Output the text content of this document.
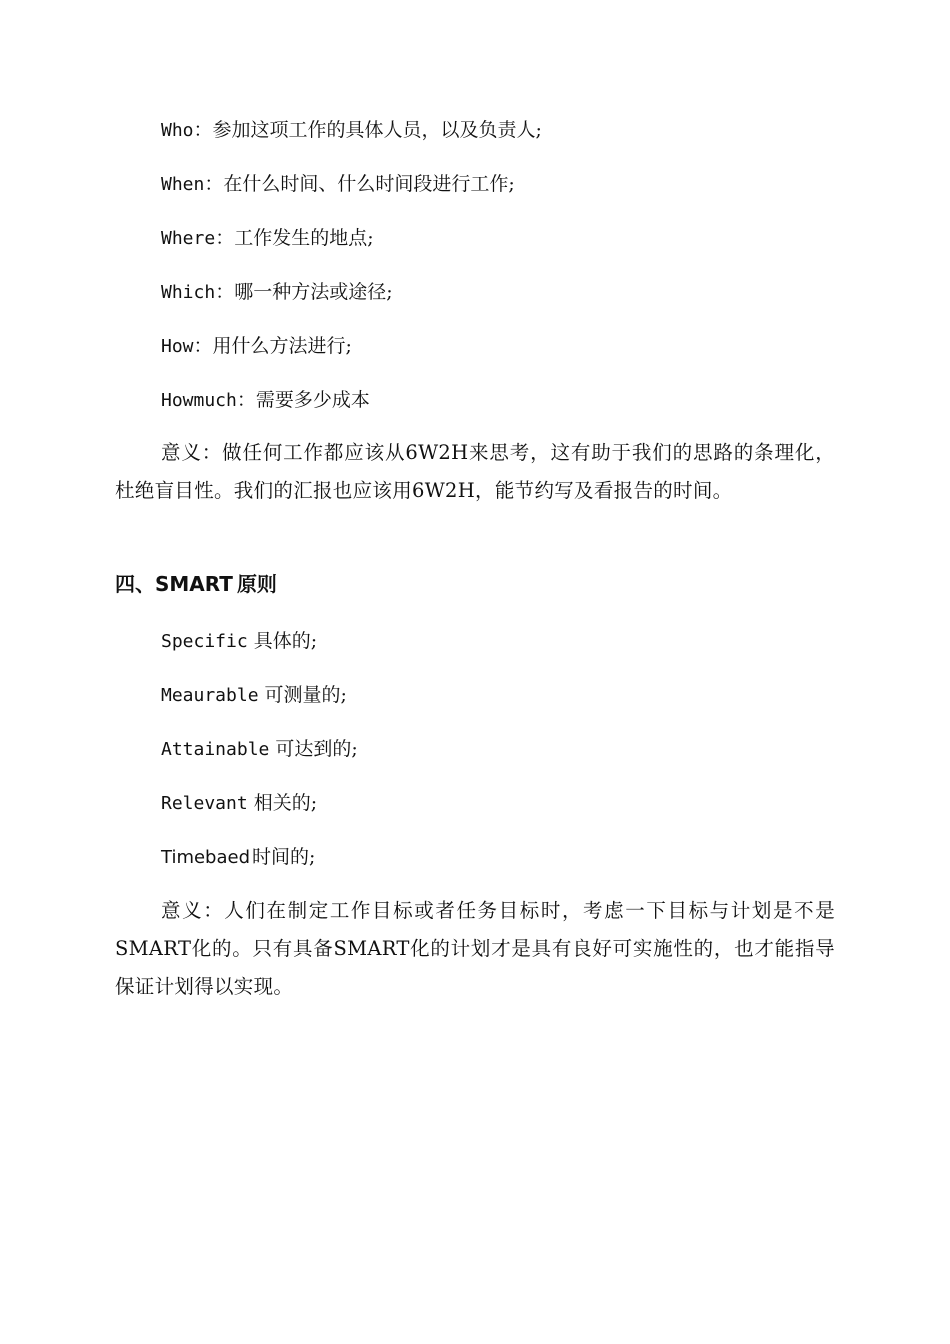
Who：参加这项工作的具体人员，以及负责人;
When：在什么时间、什么时间段进行工作;
Where：工作发生的地点;
Which：哪一种方法或途径;
How：用什么方法进行;
Howmuch：需要多少成本
意义：做任何工作都应该从6W2H来思考，这有助于我们的思路的条理化，杜绝盲目性。我们的汇报也应该用6W2H，能节约写及看报告的时间。
四、SMART 原则
Specific 具体的;
Meaurable 可测量的;
Attainable 可达到的;
Relevant 相关的;
Timebaed 时间的;
意义：人们在制定工作目标或者任务目标时，考虑一下目标与计划是不是SMART化的。只有具备SMART化的计划才是具有良好可实施性的，也才能指导保证计划得以实现。
